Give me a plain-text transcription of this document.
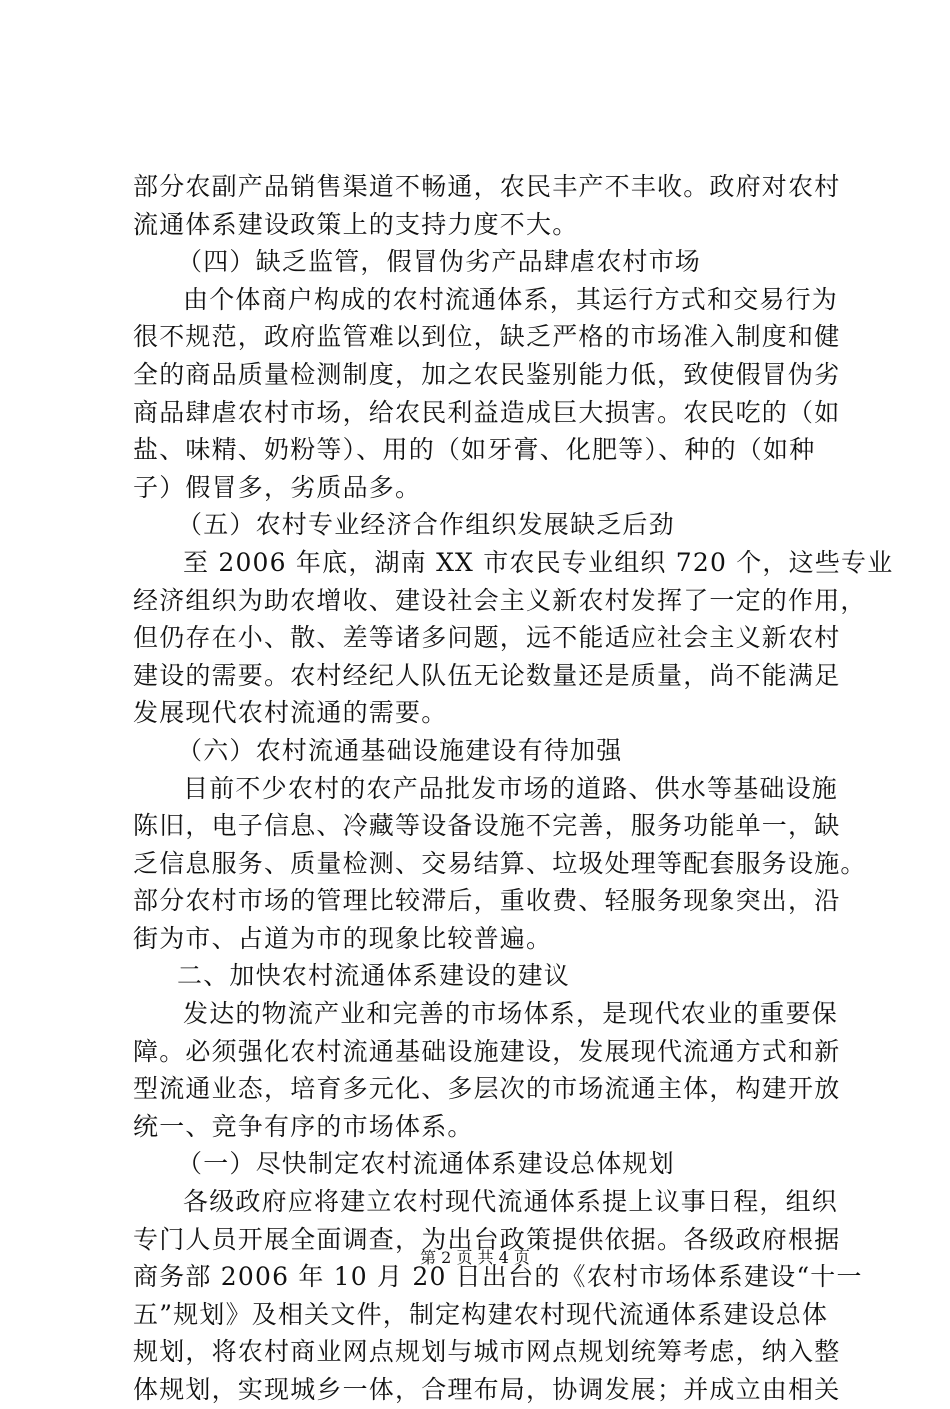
部分农副产品销售渠道不畅通，农民丰产不丰收。政府对农村
流通体系建设政策上的支持力度不大。
（四）缺乏监管，假冒伪劣产品肆虐农村市场
由个体商户构成的农村流通体系，其运行方式和交易行为
很不规范，政府监管难以到位，缺乏严格的市场准入制度和健
全的商品质量检测制度，加之农民鉴别能力低，致使假冒伪劣
商品肆虐农村市场，给农民利益造成巨大损害。农民吃的（如
盐、味精、奶粉等）、用的（如牙膏、化肥等）、种的（如种
子）假冒多，劣质品多。
（五）农村专业经济合作组织发展缺乏后劲
至 2006 年底，湖南 XX 市农民专业组织 720 个，这些专业
经济组织为助农增收、建设社会主义新农村发挥了一定的作用，
但仍存在小、散、差等诸多问题，远不能适应社会主义新农村
建设的需要。农村经纪人队伍无论数量还是质量，尚不能满足
发展现代农村流通的需要。
（六）农村流通基础设施建设有待加强
目前不少农村的农产品批发市场的道路、供水等基础设施
陈旧，电子信息、冷藏等设备设施不完善，服务功能单一，缺
乏信息服务、质量检测、交易结算、垃圾处理等配套服务设施。
部分农村市场的管理比较滞后，重收费、轻服务现象突出，沿
街为市、占道为市的现象比较普遍。
二、加快农村流通体系建设的建议
发达的物流产业和完善的市场体系，是现代农业的重要保
障。必须强化农村流通基础设施建设，发展现代流通方式和新
型流通业态，培育多元化、多层次的市场流通主体，构建开放
统一、竞争有序的市场体系。
（一）尽快制定农村流通体系建设总体规划
各级政府应将建立农村现代流通体系提上议事日程，组织
专门人员开展全面调查，为出台政策提供依据。各级政府根据
商务部 2006 年 10 月 20 日出台的《农村市场体系建设“十一
五”规划》及相关文件，制定构建农村现代流通体系建设总体
规划，将农村商业网点规划与城市网点规划统筹考虑，纳入整
体规划，实现城乡一体，合理布局，协调发展；并成立由相关
第 2 页 共 4 页
